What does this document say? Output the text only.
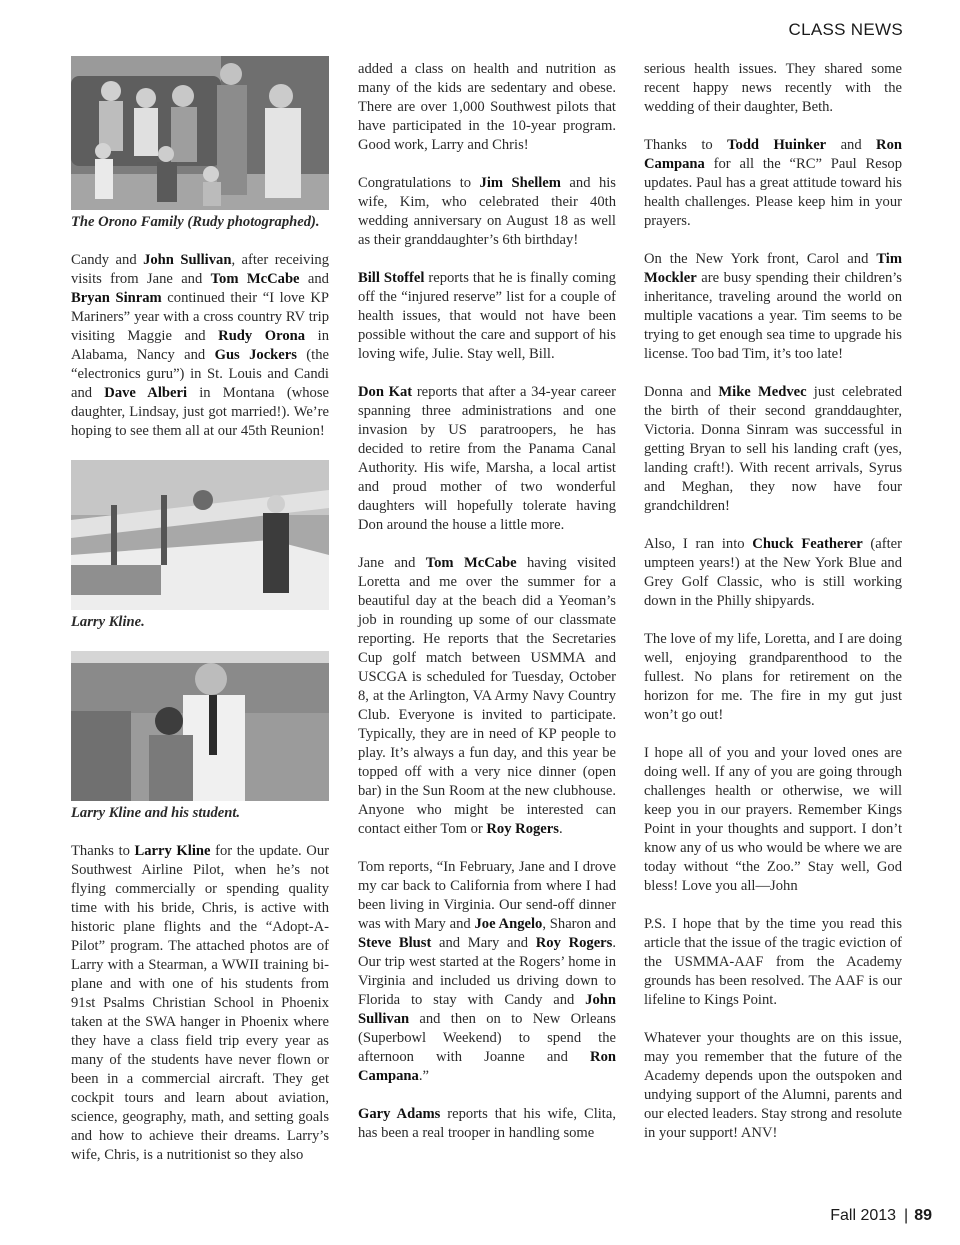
CLASS NEWS

The Orono Family (Rudy photographed).

Candy and John Sullivan, after receiving visits from Jane and Tom McCabe and Bryan Sinram continued their “I love KP Mariners” year with a cross country RV trip visiting Maggie and Rudy Orona in Alabama, Nancy and Gus Jockers (the “electronics guru”) in St. Louis and Candi and Dave Alberi in Montana (whose daughter, Lindsay, just got married!). We’re hoping to see them all at our 45th Reunion!

Larry Kline.

Larry Kline and his student.

Thanks to Larry Kline for the update. Our Southwest Airline Pilot, when he’s not flying commercially or spending quality time with his bride, Chris, is active with historic plane flights and the “Adopt-A-Pilot” program. The attached photos are of Larry with a Stearman, a WWII training bi-plane and with one of his students from 91st Psalms Christian School in Phoenix taken at the SWA hanger in Phoenix where they have a class field trip every year as many of the students have never flown or been in a commercial aircraft. They get cockpit tours and learn about aviation, science, geography, math, and setting goals and how to achieve their dreams. Larry’s wife, Chris, is a nutritionist so they also

added a class on health and nutrition as many of the kids are sedentary and obese. There are over 1,000 Southwest pilots that have participated in the 10-year program. Good work, Larry and Chris!

Congratulations to Jim Shellem and his wife, Kim, who celebrated their 40th wedding anniversary on August 18 as well as their granddaughter’s 6th birthday!

Bill Stoffel reports that he is finally coming off the “injured reserve” list for a couple of health issues, that would not have been possible without the care and support of his loving wife, Julie. Stay well, Bill.

Don Kat reports that after a 34-year career spanning three administrations and one invasion by US paratroopers, he has decided to retire from the Panama Canal Authority. His wife, Marsha, a local artist and proud mother of two wonderful daughters will hopefully tolerate having Don around the house a little more.

Jane and Tom McCabe having visited Loretta and me over the summer for a beautiful day at the beach did a Yeoman’s job in rounding up some of our classmate reporting. He reports that the Secretaries Cup golf match between USMMA and USCGA is scheduled for Tuesday, October 8, at the Arlington, VA Army Navy Country Club. Everyone is invited to participate. Typically, they are in need of KP people to play. It’s always a fun day, and this year be topped off with a very nice dinner (open bar) in the Sun Room at the new clubhouse. Anyone who might be interested can contact either Tom or Roy Rogers.

Tom reports, “In February, Jane and I drove my car back to California from where I had been living in Virginia. Our send-off dinner was with Mary and Joe Angelo, Sharon and Steve Blust and Mary and Roy Rogers. Our trip west started at the Rogers’ home in Virginia and included us driving down to Florida to stay with Candy and John Sullivan and then on to New Orleans (Superbowl Weekend) to spend the afternoon with Joanne and Ron Campana.”

Gary Adams reports that his wife, Clita, has been a real trooper in handling some

serious health issues. They shared some recent happy news recently with the wedding of their daughter, Beth.

Thanks to Todd Huinker and Ron Campana for all the “RC” Paul Resop updates. Paul has a great attitude toward his health challenges. Please keep him in your prayers.

On the New York front, Carol and Tim Mockler are busy spending their children’s inheritance, traveling around the world on multiple vacations a year. Tim seems to be trying to get enough sea time to upgrade his license. Too bad Tim, it’s too late!

Donna and Mike Medvec just celebrated the birth of their second granddaughter, Victoria. Donna Sinram was successful in getting Bryan to sell his landing craft (yes, landing craft!). With recent arrivals, Syrus and Meghan, they now have four grandchildren!

Also, I ran into Chuck Featherer (after umpteen years!) at the New York Blue and Grey Golf Classic, who is still working down in the Philly shipyards.

The love of my life, Loretta, and I are doing well, enjoying grandparenthood to the fullest. No plans for retirement on the horizon for me. The fire in my gut just won’t go out!

I hope all of you and your loved ones are doing well. If any of you are going through challenges health or otherwise, we will keep you in our prayers. Remember Kings Point in your thoughts and support. I don’t know any of us who would be where we are today without “the Zoo.” Stay well, God bless! Love you all—John

P.S. I hope that by the time you read this article that the issue of the tragic eviction of the USMMA-AAF from the Academy grounds has been resolved. The AAF is our lifeline to Kings Point.

Whatever your thoughts are on this issue, may you remember that the future of the Academy depends upon the outspoken and undying support of the Alumni, parents and our elected leaders. Stay strong and resolute in your support! ANV!

Fall 2013 | 89
